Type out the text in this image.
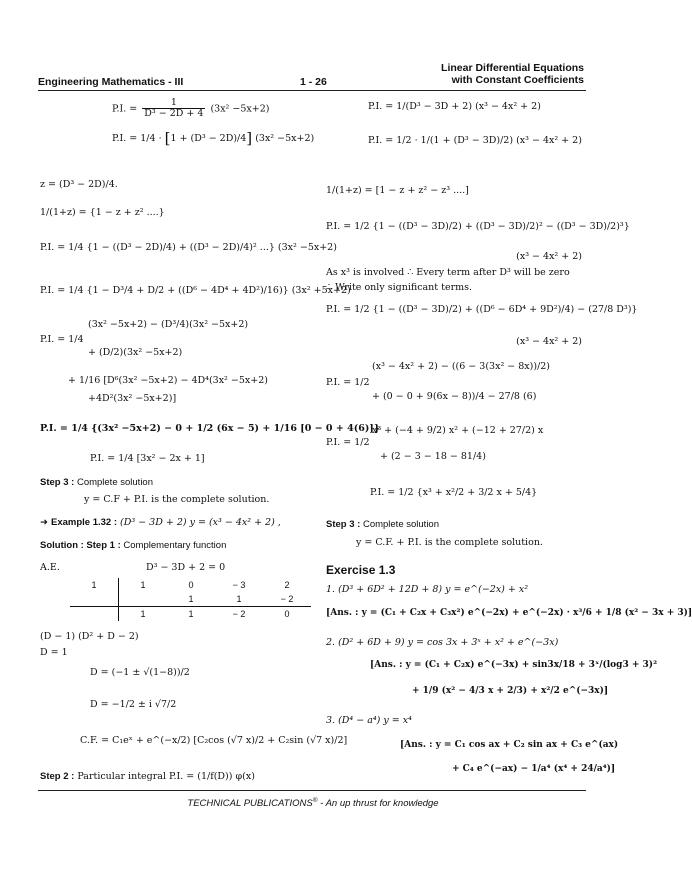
Engineering Mathematics - III	1 - 26
Linear Differential Equations
with Constant Coefficients
P.I. = $\frac{1}{\text{D³ − 2D + 4}} (3x^2 -5x+2)$
P.I. = 1/4 · [1 + (D³ − 2D)/4] (3x² −5x+2)
z = (D³ − 2D)/4.
1/(1+z) = {1 − z + z² ....}
P.I. = 1/4 {1 − ((D³ − 2D)/4) + ((D³ − 2D)/4)² ...} (3x² −5x+2)
P.I. = 1/4 {1 − D³/4 + D/2 + ((D⁶ − 4D⁴ + 4D²)/16)} (3x² +5x+2)
P.I. = 1/4
(3x² −5x+2) − (D³/4)(3x² −5x+2)
+ (D/2)(3x² −5x+2)
+ 1/16 [D⁶(3x² −5x+2) − 4D⁴(3x² −5x+2)
+4D²(3x² −5x+2)]
P.I. = 1/4 {(3x² −5x+2) − 0 + 1/2 (6x − 5) + 1/16 [0 − 0 + 4(6)]}
P.I. = 1/4 [3x² − 2x + 1]
Step 3 : Complete solution
y = C.F + P.I. is the complete solution.
➜ Example 1.32 : (D³ − 3D + 2) y = (x³ − 4x² + 2) ,
Solution : Step 1 : Complementary function
A.E.	D³ − 3D + 2 = 0
1	1	0	− 3	2
		1	1	− 2
	1	1	− 2	0
(D − 1) (D² + D − 2)
D = 1
D = (−1 ± √(1−8))/2
D = −1/2 ± i √7/2
C.F. = C₁eˣ + e^(−x/2) [C₂cos (√7 x)/2 + C₂sin (√7 x)/2]
Step 2 : Particular integral P.I. = (1/f(D)) φ(x)
P.I. = 1/(D³ − 3D + 2) (x³ − 4x² + 2)
P.I. = 1/2 · 1/(1 + (D³ − 3D)/2) (x³ − 4x² + 2)
1/(1+z) = [1 − z + z² − z³ ....]
P.I. = 1/2 {1 − ((D³ − 3D)/2) + ((D³ − 3D)/2)² − ((D³ − 3D)/2)³}
(x³ − 4x² + 2)
As x³ is involved ∴ Every term after D³ will be zero
∴ Write only significant terms.
P.I. = 1/2 {1 − ((D³ − 3D)/2) + ((D⁶ − 6D⁴ + 9D²)/4) − (27/8 D³)}
(x³ − 4x² + 2)
P.I. = 1/2
(x³ − 4x² + 2) − ((6 − 3(3x² − 8x))/2)
+ (0 − 0 + 9(6x − 8))/4 − 27/8 (6)
P.I. = 1/2
x³ + (−4 + 9/2) x² + (−12 + 27/2) x
+ (2 − 3 − 18 − 81/4)
P.I. = 1/2 {x³ + x²/2 + 3/2 x + 5/4}
Step 3 : Complete solution
y = C.F. + P.I. is the complete solution.
Exercise 1.3
1. (D³ + 6D² + 12D + 8) y = e^(−2x) + x²
[Ans. : y = (C₁ + C₂x + C₃x²) e^(−2x) + e^(−2x) · x³/6 + 1/8 (x² − 3x + 3)]
2. (D² + 6D + 9) y = cos 3x + 3ˣ + x² + e^(−3x)
[Ans. : y = (C₁ + C₂x) e^(−3x) + sin3x/18 + 3ˣ/(log3 + 3)²
+ 1/9 (x² − 4/3 x + 2/3) + x²/2 e^(−3x)]
3. (D⁴ − a⁴) y = x⁴
[Ans. : y = C₁ cos ax + C₂ sin ax + C₃ e^(ax)
+ C₄ e^(−ax) − 1/a⁴ (x⁴ + 24/a⁴)]
TECHNICAL PUBLICATIONS® - An up thrust for knowledge
